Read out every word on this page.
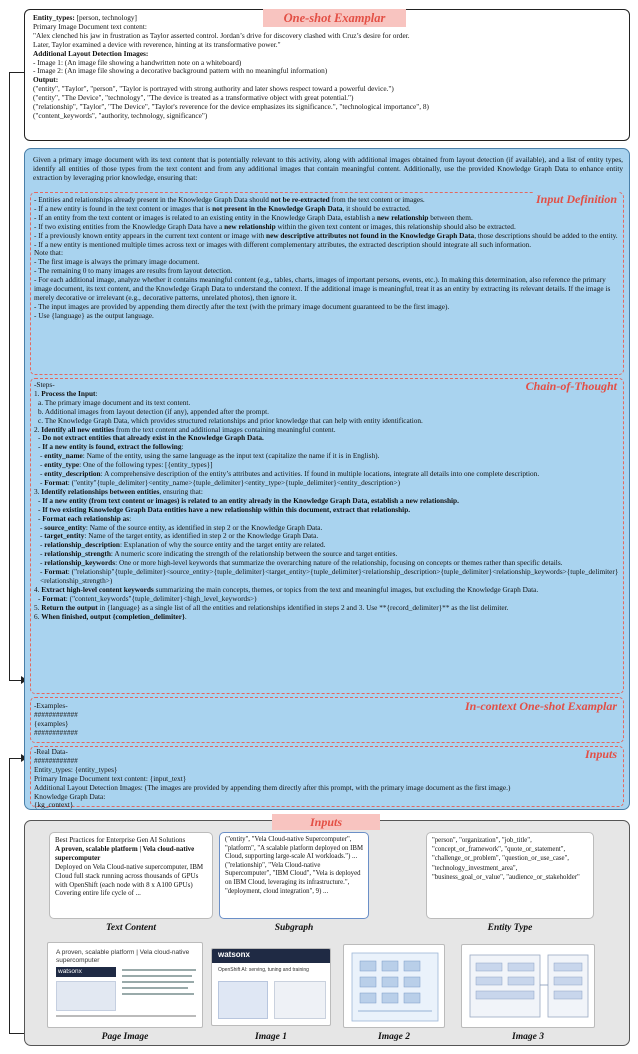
One-shot Examplar

Entity_types: [person, technology]

Primary Image Document text content:

"Alex clenched his jaw in frustration as Taylor asserted control. Jordan’s drive for discovery clashed with Cruz’s desire for order.

Later, Taylor examined a device with reverence, hinting at its transformative power."

Additional Layout Detection Images:

- Image 1: (An image file showing a handwritten note on a whiteboard)

- Image 2: (An image file showing a decorative background pattern with no meaningful information)

Output:

("entity", "Taylor", "person", "Taylor is portrayed with strong authority and later shows respect toward a powerful device.")

("entity", "The Device", "technology", "The device is treated as a transformative object with great potential.")

("relationship", "Taylor", "The Device", "Taylor's reverence for the device emphasizes its significance.", "technological importance", 8)

("content_keywords", "authority, technology, significance")

Given a primary image document with its text content that is potentially relevant to this activity, along with additional images obtained from layout detection (if available), and a list of entity types, identify all entities of those types from the text content and from any additional images that contain meaningful content. Additionally, use the provided Knowledge Graph Data to enhance entity extraction by leveraging prior knowledge, ensuring that:

Input Definition

- Entities and relationships already present in the Knowledge Graph Data should not be re-extracted from the text content or images.

- If a new entity is found in the text content or images that is not present in the Knowledge Graph Data, it should be extracted.

- If an entity from the text content or images is related to an existing entity in the Knowledge Graph Data, establish a new relationship between them.

- If two existing entities from the Knowledge Graph Data have a new relationship within the given text content or images, this relationship should also be extracted.

- If a previously known entity appears in the current text content or image with new descriptive attributes not found in the Knowledge Graph Data, those descriptions should be added to the entity.

- If a new entity is mentioned multiple times across text or images with different complementary attributes, the extracted description should integrate all such information.

Note that:

- The first image is always the primary image document.

- The remaining 0 to many images are results from layout detection.

- For each additional image, analyze whether it contains meaningful content (e.g., tables, charts, images of important persons, events, etc.). In making this determination, also reference the primary image document, its text content, and the Knowledge Graph Data to understand the context. If the additional image is meaningful, treat it as an entity by extracting its relevant details. If the image is merely decorative or irrelevant (e.g., decorative patterns, unrelated photos), then ignore it.

- The input images are provided by appending them directly after the text (with the primary image document guaranteed to be the first image).

- Use {language} as the output language.

Chain-of-Thought

-Steps-

1. Process the Input:

a. The primary image document and its text content.

b. Additional images from layout detection (if any), appended after the prompt.

c. The Knowledge Graph Data, which provides structured relationships and prior knowledge that can help with entity identification.

2. Identify all new entities from the text content and additional images containing meaningful content.

- Do not extract entities that already exist in the Knowledge Graph Data.

- If a new entity is found, extract the following:

- entity_name: Name of the entity, using the same language as the input text (capitalize the name if it is in English).

- entity_type: One of the following types: [{entity_types}]

- entity_description: A comprehensive description of the entity’s attributes and activities. If found in multiple locations, integrate all details into one complete description.

- Format: ("entity"{tuple_delimiter}<entity_name>{tuple_delimiter}<entity_type>{tuple_delimiter}<entity_description>)

3. Identify relationships between entities, ensuring that:

- If a new entity (from text content or images) is related to an entity already in the Knowledge Graph Data, establish a new relationship.

- If two existing Knowledge Graph Data entities have a new relationship within this document, extract that relationship.

- Format each relationship as:

- source_entity: Name of the source entity, as identified in step 2 or the Knowledge Graph Data.

- target_entity: Name of the target entity, as identified in step 2 or the Knowledge Graph Data.

- relationship_description: Explanation of why the source entity and the target entity are related.

- relationship_strength: A numeric score indicating the strength of the relationship between the source and target entities.

- relationship_keywords: One or more high-level keywords that summarize the overarching nature of the relationship, focusing on concepts or themes rather than specific details.

- Format: ("relationship"{tuple_delimiter}<source_entity>{tuple_delimiter}<target_entity>{tuple_delimiter}<relationship_description>{tuple_delimiter}<relationship_keywords>{tuple_delimiter}<relationship_strength>)

4. Extract high-level content keywords summarizing the main concepts, themes, or topics from the text and meaningful images, but excluding the Knowledge Graph Data.

- Format: ("content_keywords"{tuple_delimiter}<high_level_keywords>)

5. Return the output in {language} as a single list of all the entities and relationships identified in steps 2 and 3. Use **{record_delimiter}** as the list delimiter.

6. When finished, output {completion_delimiter}.

In-context One-shot Examplar

-Examples-

############

{examples}

############

Inputs

-Real Data-

############

Entity_types: {entity_types}

Primary Image Document text content: {input_text}

Additional Layout Detection Images: (The images are provided by appending them directly after this prompt, with the primary image document as the first image.)

Knowledge Graph Data:

{kg_context}

Inputs

Best Practices for Enterprise Gen AI Solutions

A proven, scalable platform | Vela cloud-native supercomputer

Deployed on Vela Cloud-native supercomputer, IBM Cloud full stack running across thousands of GPUs with OpenShift (each node with 8 x A100 GPUs) Covering entire life cycle of ...

Text Content

("entity", "Vela Cloud-native Supercomputer", "platform", "A scalable platform deployed on IBM Cloud, supporting large-scale AI workloads.") ... ("relationship", "Vela Cloud-native Supercomputer", "IBM Cloud", "Vela is deployed on IBM Cloud, leveraging its infrastructure.", "deployment, cloud integration", 9) ...

Subgraph

"person", "organization", "job_title", "concept_or_framework", "quote_or_statement", "challenge_or_problem", "question_or_use_case", "technology_investment_area", "business_goal_or_value", "audience_or_stakeholder"

Entity Type
A proven, scalable platform | Vela cloud-native supercomputer
watsonx
Page Image
watsonx
OpenShift AI: serving, tuning and training
Image 1	Image 2	Image 3
